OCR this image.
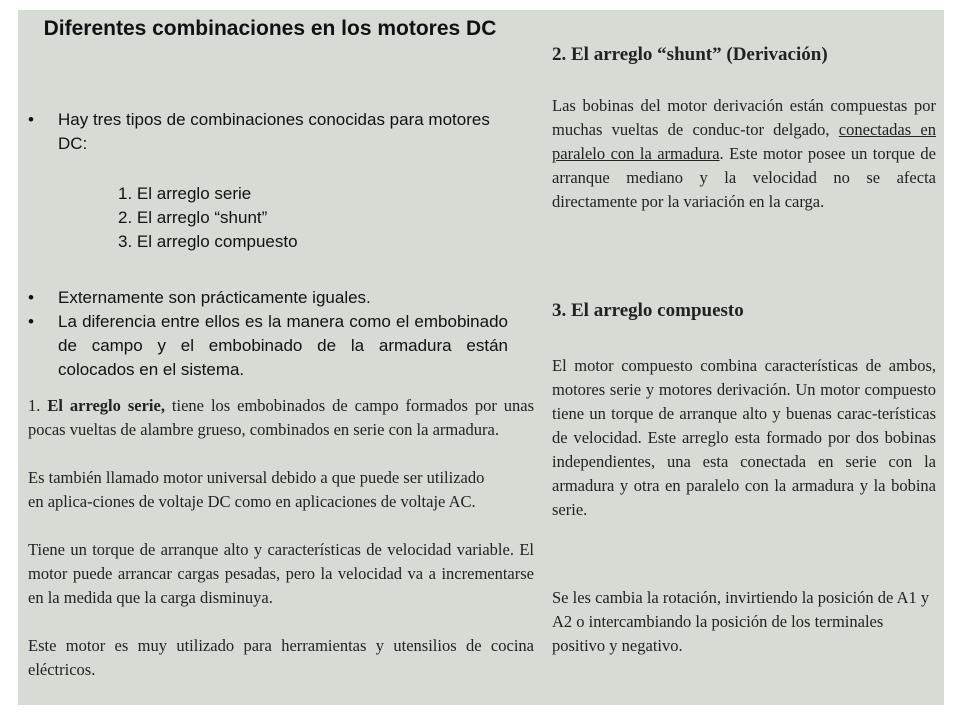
Diferentes combinaciones en los motores DC
• Hay tres tipos de combinaciones conocidas para motores DC:
1. El arreglo serie
2. El arreglo “shunt”
3. El arreglo compuesto
• Externamente son prácticamente iguales.
• La diferencia entre ellos es la manera como el embobinado de campo y el embobinado de la armadura están colocados en el sistema.
1. El arreglo serie, tiene los embobinados de campo formados por unas pocas vueltas de alambre grueso, combinados en serie con la armadura.
Es también llamado motor universal debido a que puede ser utilizado en aplica-ciones de voltaje DC como en aplicaciones de voltaje AC.
Tiene un torque de arranque alto y características de velocidad variable. El motor puede arrancar cargas pesadas, pero la velocidad va a incrementarse en la medida que la carga disminuya.
Este motor es muy utilizado para herramientas y utensilios de cocina eléctricos.
2. El arreglo “shunt” (Derivación)
Las bobinas del motor derivación están compuestas por muchas vueltas de conduc-tor delgado, conectadas en paralelo con la armadura. Este motor posee un torque de arranque mediano y la velocidad no se afecta directamente por la variación en la carga.
3. El arreglo compuesto
El motor compuesto combina características de ambos, motores serie y motores derivación. Un motor compuesto tiene un torque de arranque alto y buenas carac-terísticas de velocidad. Este arreglo esta formado por dos bobinas independientes, una esta conectada en serie con la armadura y otra en paralelo con la armadura y la bobina serie.
Se les cambia la rotación, invirtiendo la posición de A1 y A2 o intercambiando la posición de los terminales positivo y negativo.
